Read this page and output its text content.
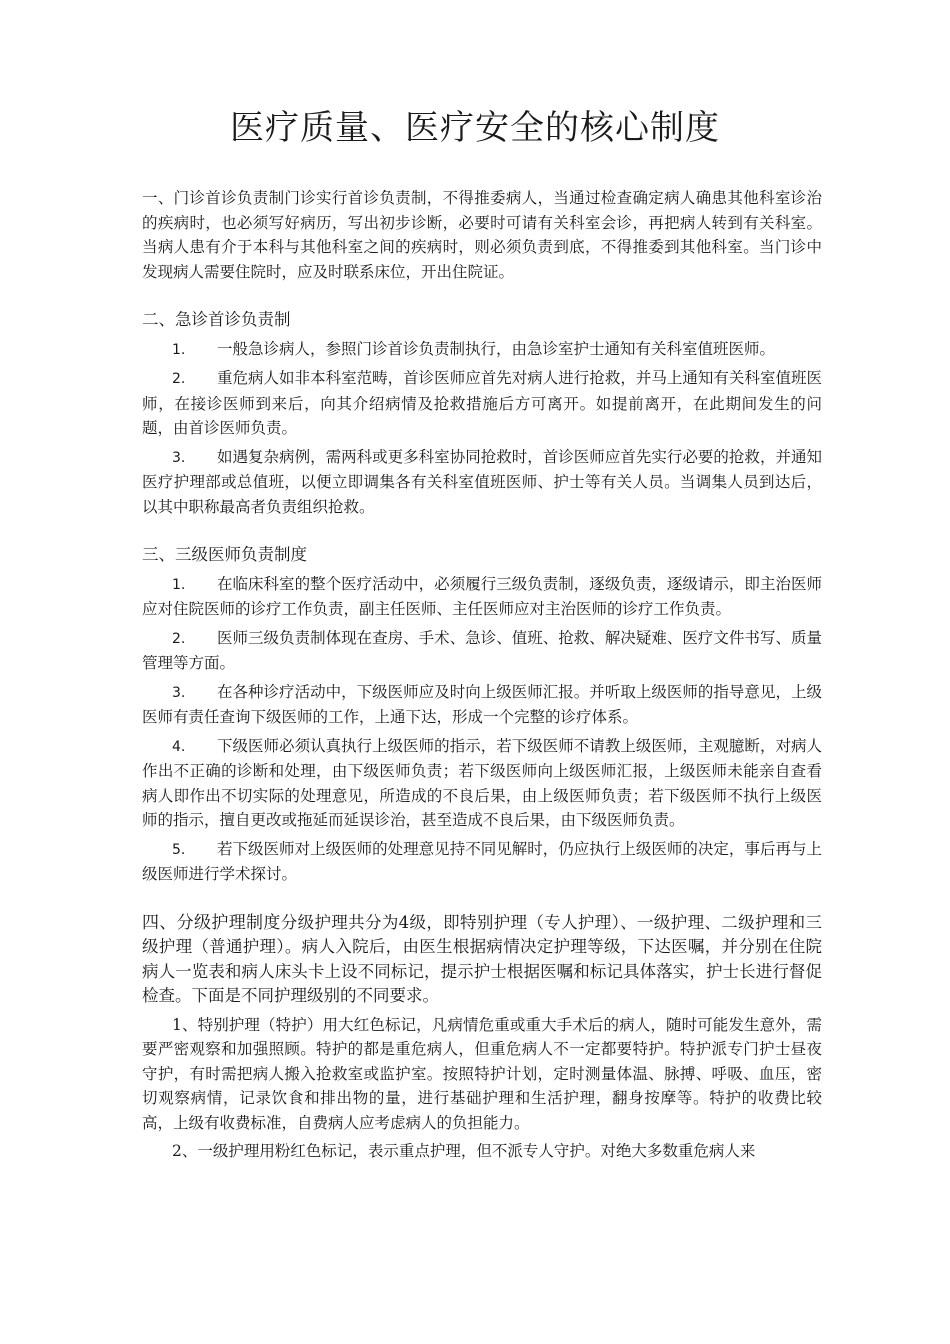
医疗质量、医疗安全的核心制度

一、门诊首诊负责制门诊实行首诊负责制，不得推委病人，当通过检查确定病人确患其他科室诊治的疾病时，也必须写好病历，写出初步诊断，必要时可请有关科室会诊，再把病人转到有关科室。当病人患有介于本科与其他科室之间的疾病时，则必须负责到底，不得推委到其他科室。当门诊中发现病人需要住院时，应及时联系床位，开出住院证。

二、急诊首诊负责制

1. 一般急诊病人，参照门诊首诊负责制执行，由急诊室护士通知有关科室值班医师。

2. 重危病人如非本科室范畴，首诊医师应首先对病人进行抢救，并马上通知有关科室值班医师，在接诊医师到来后，向其介绍病情及抢救措施后方可离开。如提前离开，在此期间发生的问题，由首诊医师负责。

3. 如遇复杂病例，需两科或更多科室协同抢救时，首诊医师应首先实行必要的抢救，并通知医疗护理部或总值班，以便立即调集各有关科室值班医师、护士等有关人员。当调集人员到达后，以其中职称最高者负责组织抢救。

三、三级医师负责制度

1. 在临床科室的整个医疗活动中，必须履行三级负责制，逐级负责，逐级请示，即主治医师应对住院医师的诊疗工作负责，副主任医师、主任医师应对主治医师的诊疗工作负责。

2. 医师三级负责制体现在查房、手术、急诊、值班、抢救、解决疑难、医疗文件书写、质量管理等方面。

3. 在各种诊疗活动中，下级医师应及时向上级医师汇报。并听取上级医师的指导意见，上级医师有责任查询下级医师的工作，上通下达，形成一个完整的诊疗体系。

4. 下级医师必须认真执行上级医师的指示，若下级医师不请教上级医师，主观臆断，对病人作出不正确的诊断和处理，由下级医师负责；若下级医师向上级医师汇报，上级医师未能亲自查看病人即作出不切实际的处理意见，所造成的不良后果，由上级医师负责；若下级医师不执行上级医师的指示，擅自更改或拖延而延误诊治，甚至造成不良后果，由下级医师负责。

5. 若下级医师对上级医师的处理意见持不同见解时，仍应执行上级医师的决定，事后再与上级医师进行学术探讨。

四、分级护理制度分级护理共分为4级，即特别护理（专人护理）、一级护理、二级护理和三级护理（普通护理）。病人入院后，由医生根据病情决定护理等级，下达医嘱，并分别在住院病人一览表和病人床头卡上设不同标记，提示护士根据医嘱和标记具体落实，护士长进行督促检查。下面是不同护理级别的不同要求。

1、特别护理（特护）用大红色标记，凡病情危重或重大手术后的病人，随时可能发生意外，需要严密观察和加强照顾。特护的都是重危病人，但重危病人不一定都要特护。特护派专门护士昼夜守护，有时需把病人搬入抢救室或监护室。按照特护计划，定时测量体温、脉搏、呼吸、血压，密切观察病情，记录饮食和排出物的量，进行基础护理和生活护理，翻身按摩等。特护的收费比较高，上级有收费标准，自费病人应考虑病人的负担能力。

2、一级护理用粉红色标记，表示重点护理，但不派专人守护。对绝大多数重危病人来
